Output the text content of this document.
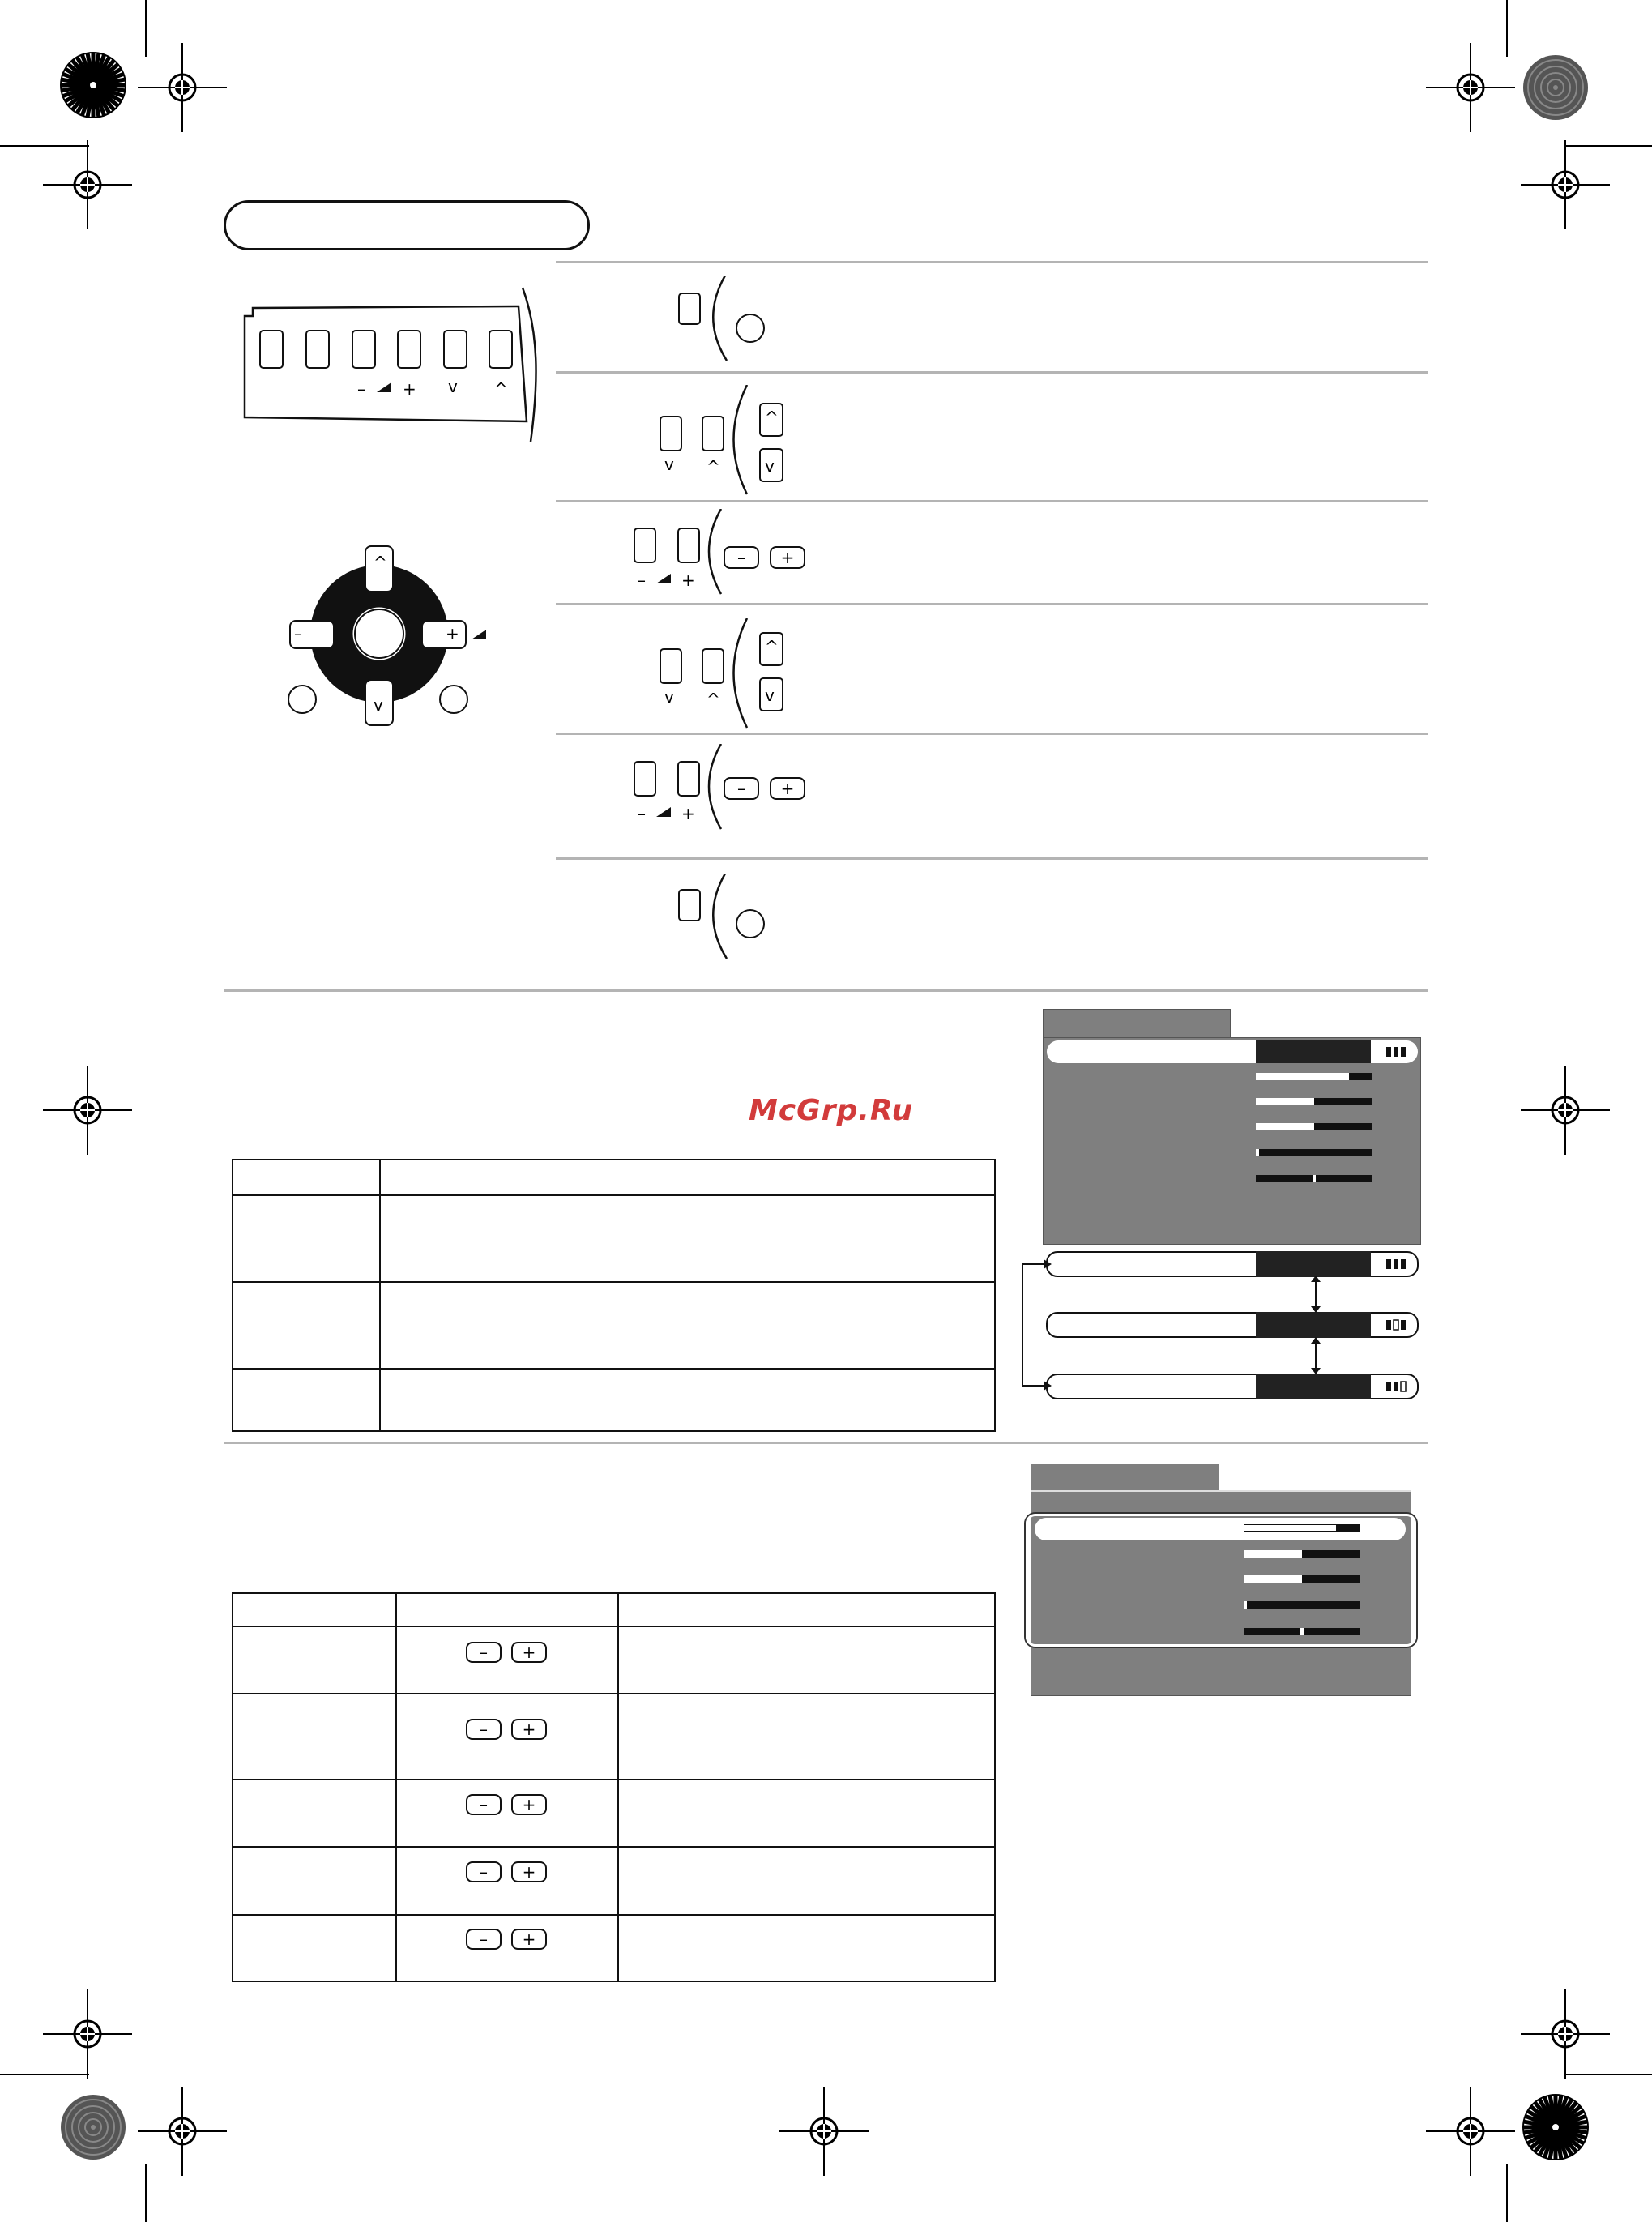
– + v ^
^
v
–	+
v ^
^
v
– +
– +
v ^
^
v
– +
– +
McGrp.Ru
– +
– +
– +
– +
– +
